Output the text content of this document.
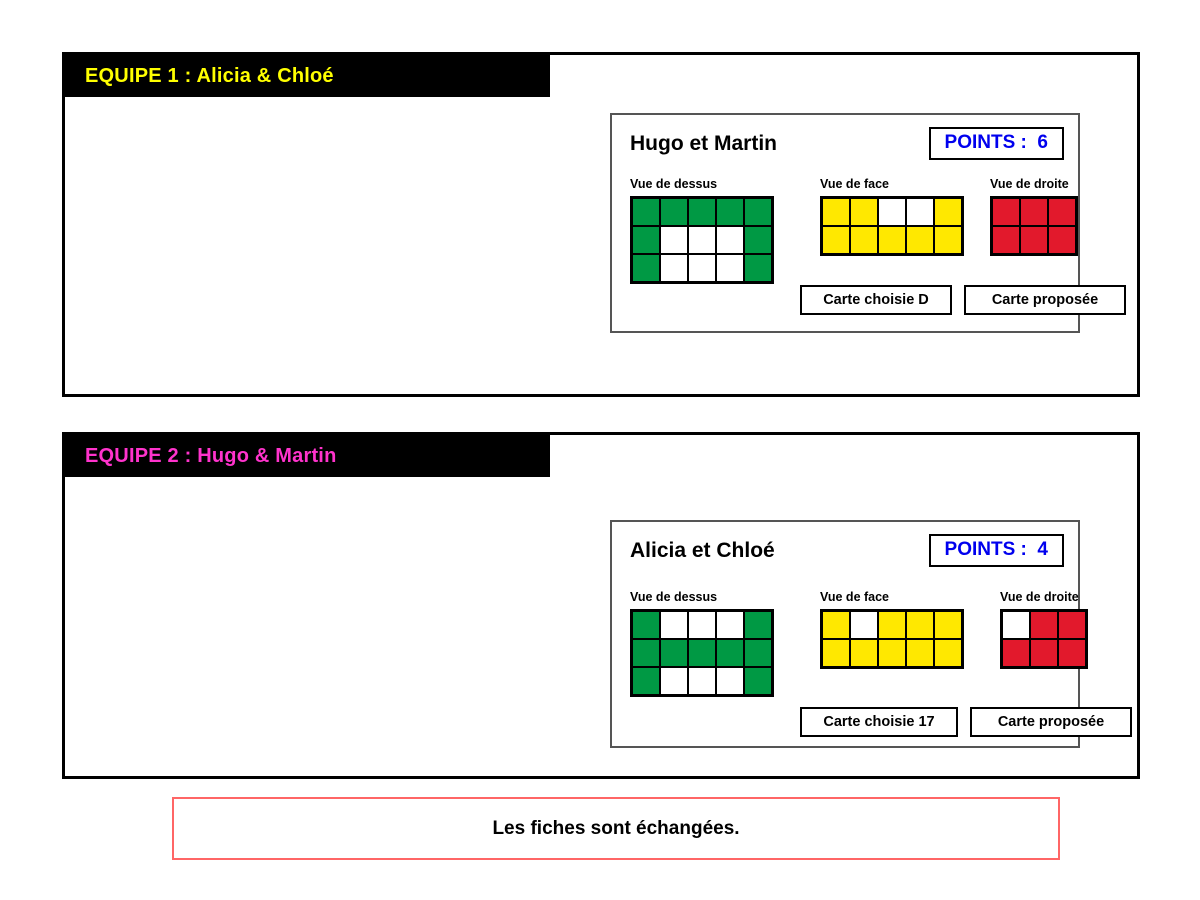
EQUIPE 1 : Alicia & Chloé
Hugo et Martin	POINTS :  6
Vue de dessus	Vue de face	Vue de droite
Carte choisie D	Carte proposée
EQUIPE 2 : Hugo & Martin
Alicia et Chloé	POINTS :  4
Vue de dessus	Vue de face	Vue de droite
Carte choisie 17	Carte proposée
Les fiches sont échangées.
